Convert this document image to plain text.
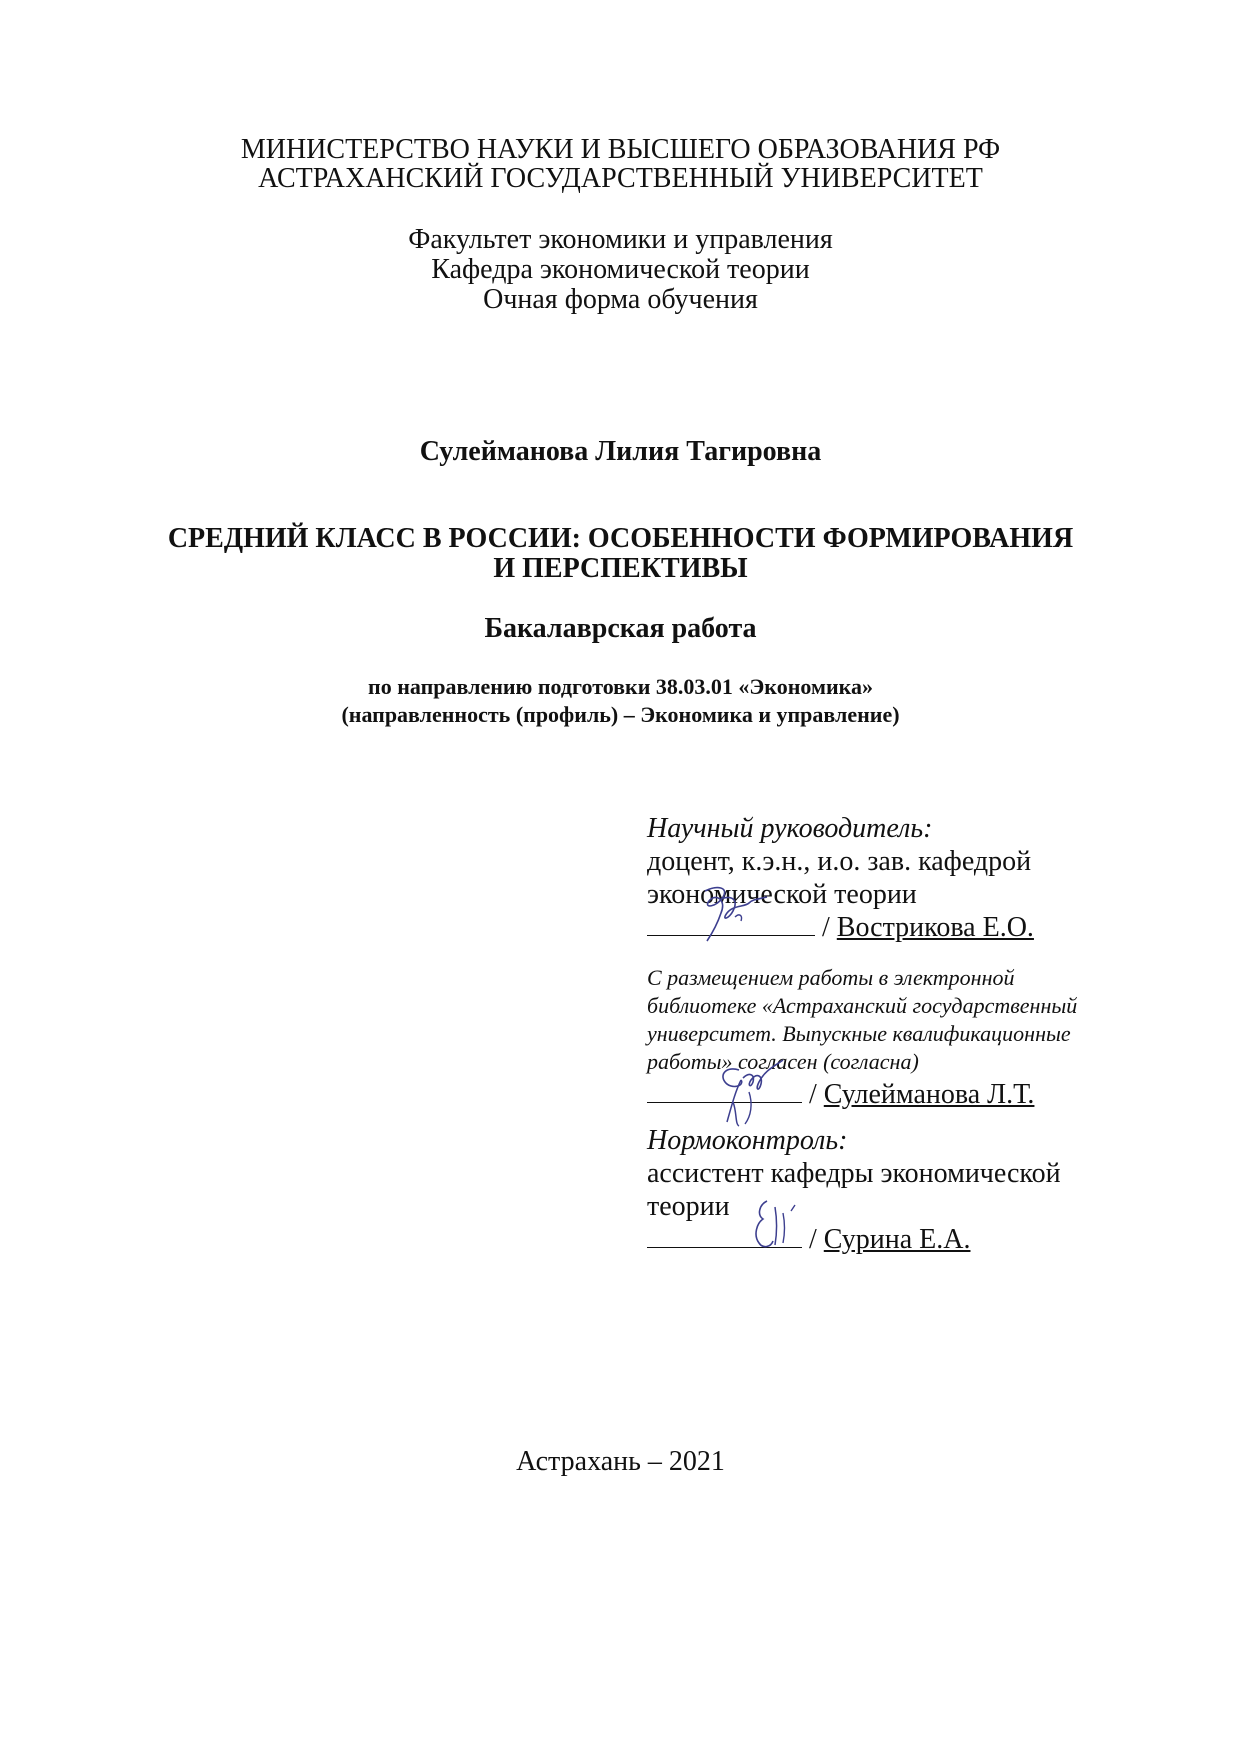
МИНИСТЕРСТВО НАУКИ И ВЫСШЕГО ОБРАЗОВАНИЯ РФ
АСТРАХАНСКИЙ ГОСУДАРСТВЕННЫЙ УНИВЕРСИТЕТ
Факультет экономики и управления
Кафедра экономической теории
Очная форма обучения
Сулейманова Лилия Тагировна
СРЕДНИЙ КЛАСС В РОССИИ: ОСОБЕННОСТИ ФОРМИРОВАНИЯ
И ПЕРСПЕКТИВЫ
Бакалаврская работа
по направлению подготовки 38.03.01 «Экономика»
(направленность (профиль) – Экономика и управление)
Научный руководитель:
доцент, к.э.н., и.о. зав. кафедрой
экономической теории
/ Вострикова Е.О.
С размещением работы в электронной
библиотеке «Астраханский государственный
университет. Выпускные квалификационные
работы» согласен (согласна)
/ Сулейманова Л.Т.
Нормоконтроль:
ассистент кафедры экономической
теории
/ Сурина Е.А.
Астрахань – 2021
